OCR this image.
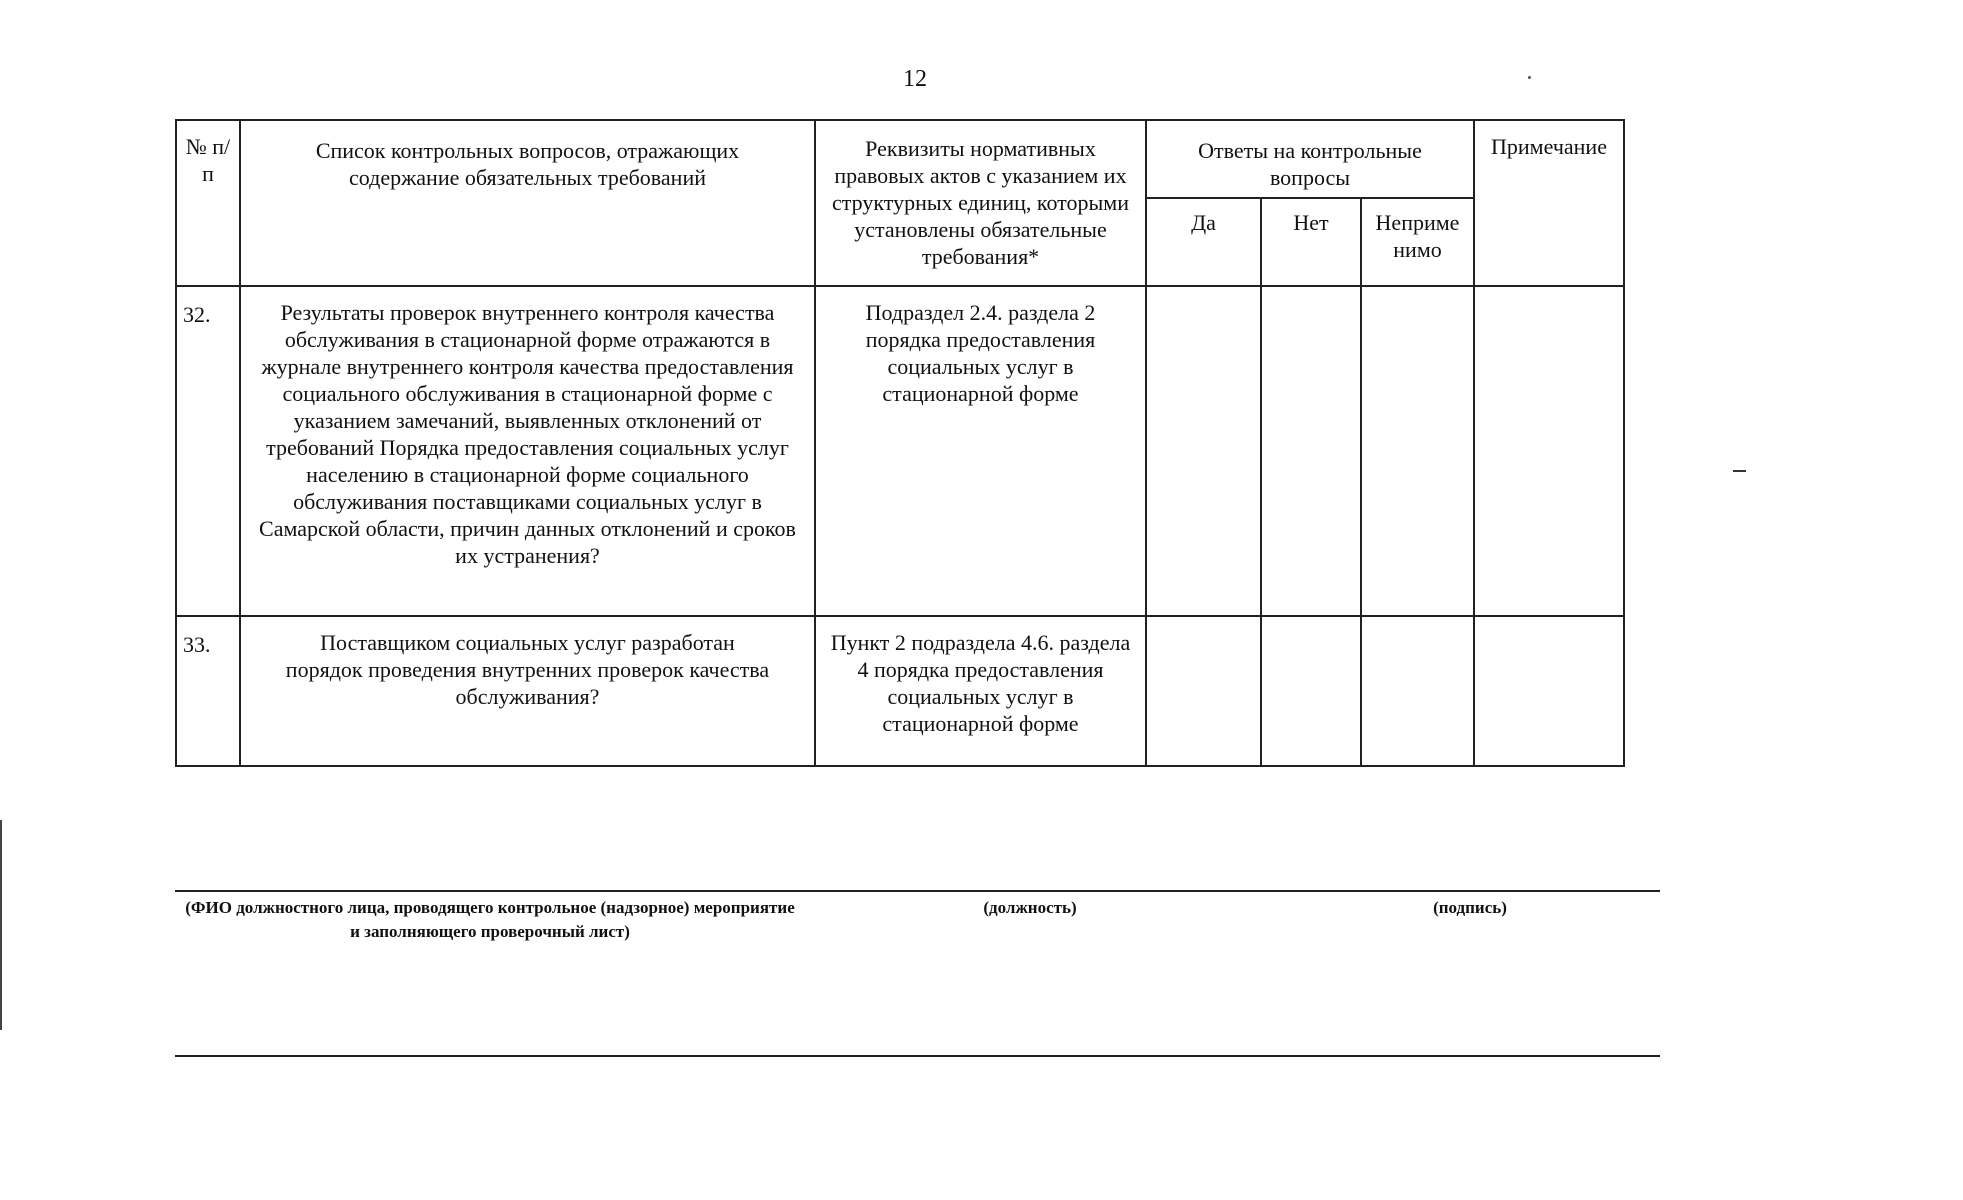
12
№ п/п	Список контрольных вопросов, отражающих содержание обязательных требований	Реквизиты нормативных правовых актов с указанием их структурных единиц, которыми установлены обязательные требования*	Ответы на контрольные вопросы			Примечание
			Да	Нет	Неприме нимо	
32.	Результаты проверок внутреннего контроля качества обслуживания в стационарной форме отражаются в журнале внутреннего контроля качества предоставления социального обслуживания в стационарной форме с указанием замечаний, выявленных отклонений от требований Порядка предоставления социальных услуг населению в стационарной форме социального обслуживания поставщиками социальных услуг в Самарской области, причин данных отклонений и сроков их устранения?	Подраздел 2.4. раздела 2 порядка предоставления социальных услуг в стационарной форме				
33.	Поставщиком социальных услуг разработан порядок проведения внутренних проверок качества обслуживания?	Пункт 2 подраздела 4.6. раздела 4 порядка предоставления социальных услуг в стационарной форме				
(ФИО должностного лица, проводящего контрольное (надзорное) мероприятие и заполняющего проверочный лист)
(должность)	(подпись)
